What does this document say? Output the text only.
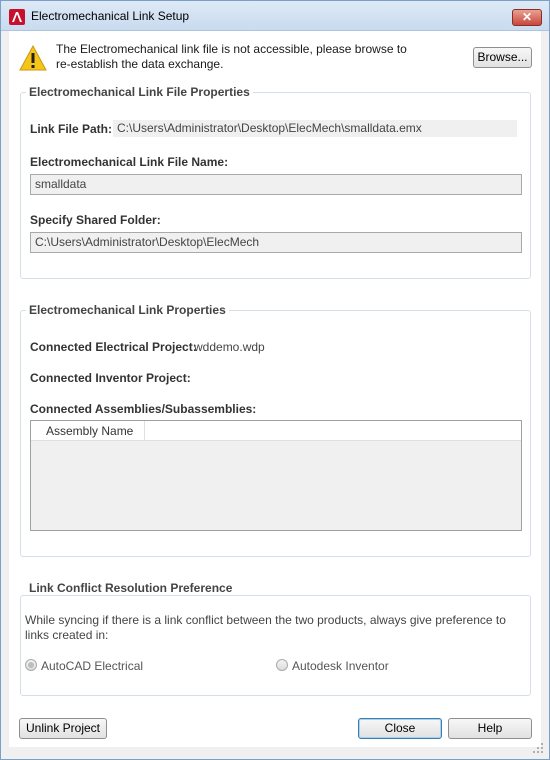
Electromechanical Link Setup	✕
The Electromechanical link file is not accessible, please browse to
re-establish the data exchange.	Browse...
Electromechanical Link File Properties
Link File Path: C:\Users\Administrator\Desktop\ElecMech\smalldata.emx
Electromechanical Link File Name:
smalldata
Specify Shared Folder:
C:\Users\Administrator\Desktop\ElecMech
Electromechanical Link Properties
Connected Electrical Project:
wddemo.wdp
Connected Inventor Project:
Connected Assemblies/Subassemblies:
Assembly Name
Link Conflict Resolution Preference
While syncing if there is a link conflict between the two products, always give preference to
links created in:
AutoCAD Electrical	Autodesk Inventor
Unlink Project	Close	Help
